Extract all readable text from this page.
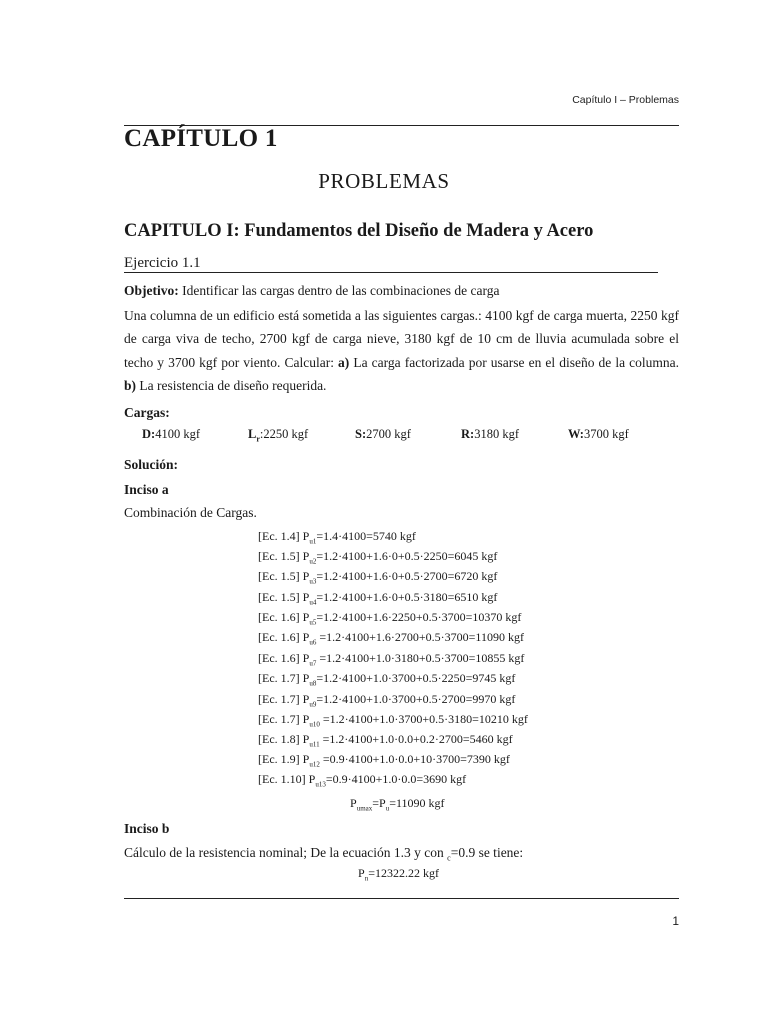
Capítulo I – Problemas
CAPÍTULO 1
PROBLEMAS
CAPITULO I: Fundamentos del Diseño de Madera y Acero
Ejercicio 1.1
Objetivo: Identificar las cargas dentro de las combinaciones de carga

Una columna de un edificio está sometida a las siguientes cargas.: 4100 kgf de carga muerta, 2250 kgf de carga viva de techo, 2700 kgf de carga nieve, 3180 kgf de 10 cm de lluvia acumulada sobre el techo y 3700 kgf por viento. Calcular: a) La carga factorizada por usarse en el diseño de la columna. b) La resistencia de diseño requerida.

Cargas:
D:4100 kgf	$L_r:2250$ kgf	S:2700 kgf	R:3180 kgf	W:3700 kgf
Solución:
Inciso a
Combinación de Cargas.
[Ec. 1.4] $P_{u1}=1.4\cdot 4100=5740$ kgf
[Ec. 1.5] $P_{u2}=1.2\cdot 4100+1.6\cdot 0+0.5\cdot 2250=6045$ kgf
[Ec. 1.5] $P_{u3}=1.2\cdot 4100+1.6\cdot 0+0.5\cdot 2700=6720$ kgf
[Ec. 1.5] $P_{u4}=1.2\cdot 4100+1.6\cdot 0+0.5\cdot 3180=6510$ kgf
[Ec. 1.6] $P_{u5}=1.2\cdot 4100+1.6\cdot 2250+0.5\cdot 3700=10370$ kgf
[Ec. 1.6] $P_{u6} =1.2\cdot 4100+1.6\cdot 2700+0.5\cdot 3700=11090$ kgf
[Ec. 1.6] $P_{u7} =1.2\cdot 4100+1.0\cdot 3180+0.5\cdot 3700=10855$ kgf
[Ec. 1.7] $P_{u8}=1.2\cdot 4100+1.0\cdot 3700+0.5\cdot 2250=9745$ kgf
[Ec. 1.7] $P_{u9}=1.2\cdot 4100+1.0\cdot 3700+0.5\cdot 2700=9970$ kgf
[Ec. 1.7] $P_{u10} =1.2\cdot 4100+1.0\cdot 3700+0.5\cdot 3180=10210$ kgf
[Ec. 1.8] $P_{u11} =1.2\cdot 4100+1.0\cdot 0.0+0.2\cdot 2700=5460$ kgf
[Ec. 1.9] $P_{u12} =0.9\cdot 4100+1.0\cdot 0.0+10\cdot 3700=7390$ kgf
[Ec. 1.10] $P_{u13}=0.9\cdot 4100+1.0\cdot 0.0=3690$ kgf
$P_{umax}=P_u=11090$ kgf
Inciso b
Cálculo de la resistencia nominal; De la ecuación 1.3 y con $_c$=0.9 se tiene:
$P_n=12322.22$ kgf
1
